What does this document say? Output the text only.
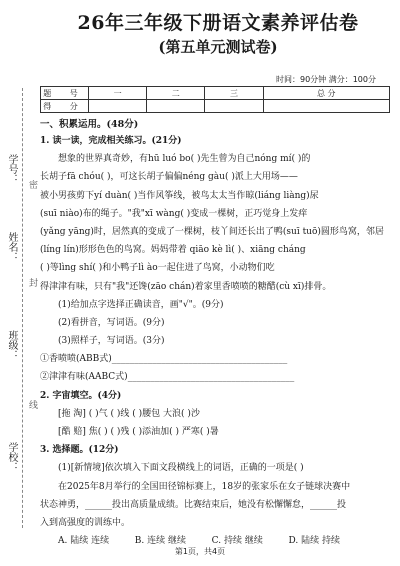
学号：
姓名：
班级：
学校：
密
封
线
26年三年级下册语文素养评估卷
(第五单元测试卷)
时间：90分钟 满分：100分
题 号	一	二	三	总 分
得 分				
一、积累运用。(48分)
1. 读一读，完成相关练习。(21分)
想象的世界真奇妙，有hū luó bo( )先生曾为自己nóng mí( )的
长胡子fā chóu( )，可这长胡子偏偏néng gàu( )派上大用场——
被小男孩剪下yí duàn( )当作风筝线，被鸟太太当作晾(liáng liàng)尿
(suī niào)布的绳子。"我"xī wàng( )变成一棵树，正巧觉身上发痒
(yǎng yāng)时，居然真的变成了一棵树，枝丫间还长出了鸭(suī tuō)圆形鸟窝，邻居
(líng lín)形形色色的鸟窝。妈妈带着 qiāo kè lì( )、xiāng cháng
( )等lìng shí( )和小鸭子lì ào一起住进了鸟窝，小动物们吃
得津津有味，只有"我"还馋(zāo chán)着家里香喷喷的糖醋(cù xī)排骨。
(1)给加点字选择正确读音，画"√"。(9分)
(2)看拼音，写词语。(9分)
(3)照样子，写词语。(3分)
①香喷喷(ABB式)_______________________________________
②津津有味(AABC式)_____________________________________
2. 字宙填空。(4分)
[拖 淘] ( )气 ( )线 ( )腰包 大浪( )沙
[酷 赔] 焦( ) ( )残 ( )添油加( ) 严寒( )暑
3. 选择题。(12分)
(1)[新情境]依次填入下面文段横线上的词语，正确的一项是( )
在2025年8月举行的全国田径锦标赛上，18岁的张家乐在女子链球决赛中
状态神勇，______投出高质量成绩。比赛结束后，她没有松懈懈怠，______投
入到高强度的训练中。
A. 陆续 连续	B. 连续 继续	C. 持续 继续	D. 陆续 持续
第1页，共4页
